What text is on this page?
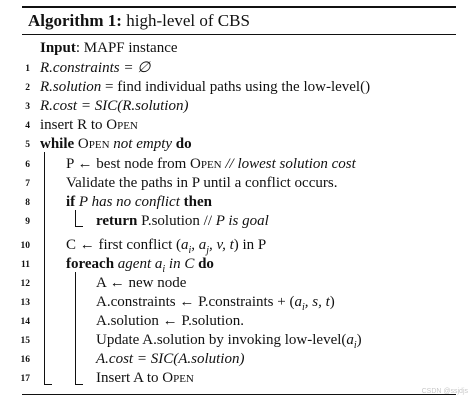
Algorithm 1: high-level of CBS
Input: MAPF instance
1 R.constraints = ∅
2 R.solution = find individual paths using the low-level()
3 R.cost = SIC(R.solution)
4 insert R to Open
5 while Open not empty do
6 P ← best node from Open // lowest solution cost
7 Validate the paths in P until a conflict occurs.
8 if P has no conflict then
9	return P.solution // P is goal
10 C ← first conflict ($a_i$, $a_j$, v, t) in P
11 foreach agent $a_i$ in C do
12	A ← new node
13	A.constraints ← P.constraints + ($a_i$, s, t)
14	A.solution ← P.solution.
15	Update A.solution by invoking low-$level(a_i)$
16	A.cost = SIC(A.solution)
17	Insert A to Open
CSDN @ssjdjs
